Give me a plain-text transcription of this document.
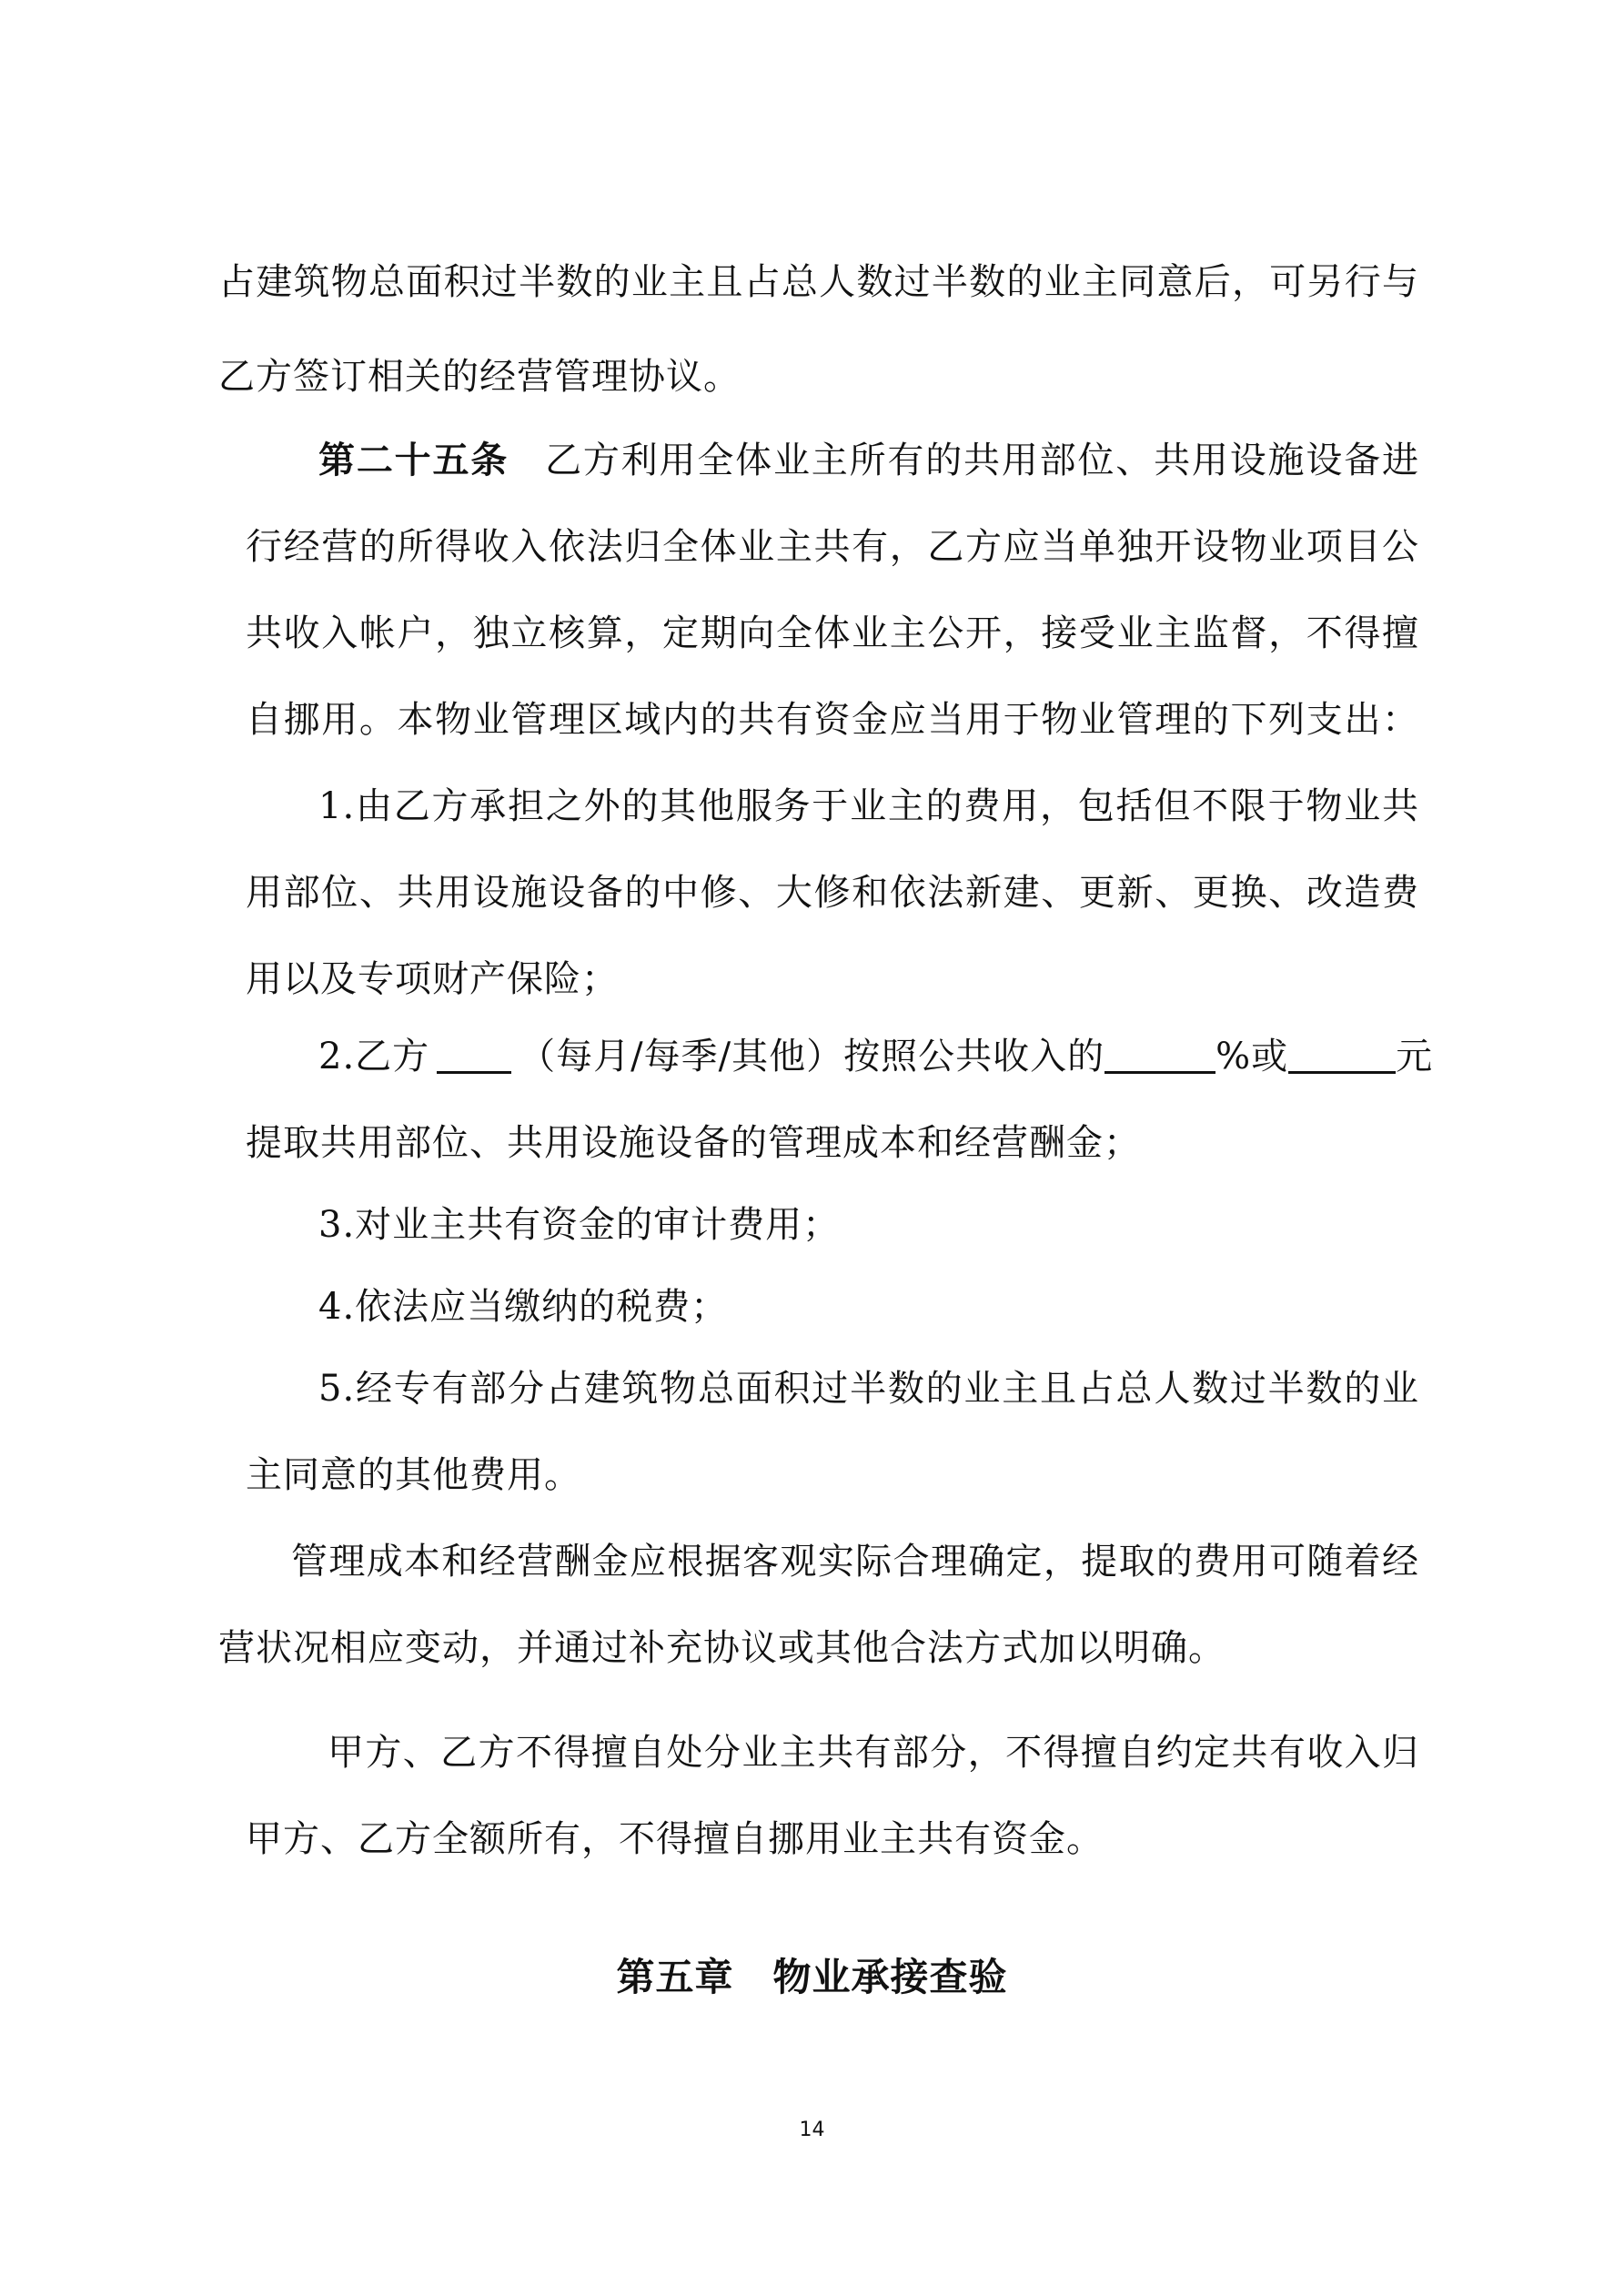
占建筑物总面积过半数的业主且占总人数过半数的业主同意后，可另行与
乙方签订相关的经营管理协议。
第二十五条 乙方利用全体业主所有的共用部位、共用设施设备进
行经营的所得收入依法归全体业主共有，乙方应当单独开设物业项目公
共收入帐户，独立核算，定期向全体业主公开，接受业主监督，不得擅
自挪用。本物业管理区域内的共有资金应当用于物业管理的下列支出：
1.由乙方承担之外的其他服务于业主的费用，包括但不限于物业共
用部位、共用设施设备的中修、大修和依法新建、更新、更换、改造费
用以及专项财产保险；
2.乙方 （每月/每季/其他）按照公共收入的	%或	元
提取共用部位、共用设施设备的管理成本和经营酬金；
3.对业主共有资金的审计费用；
4.依法应当缴纳的税费；
5.经专有部分占建筑物总面积过半数的业主且占总人数过半数的业
主同意的其他费用。
管理成本和经营酬金应根据客观实际合理确定，提取的费用可随着经
营状况相应变动，并通过补充协议或其他合法方式加以明确。
甲方、乙方不得擅自处分业主共有部分，不得擅自约定共有收入归
甲方、乙方全额所有，不得擅自挪用业主共有资金。
第五章　物业承接查验
14
